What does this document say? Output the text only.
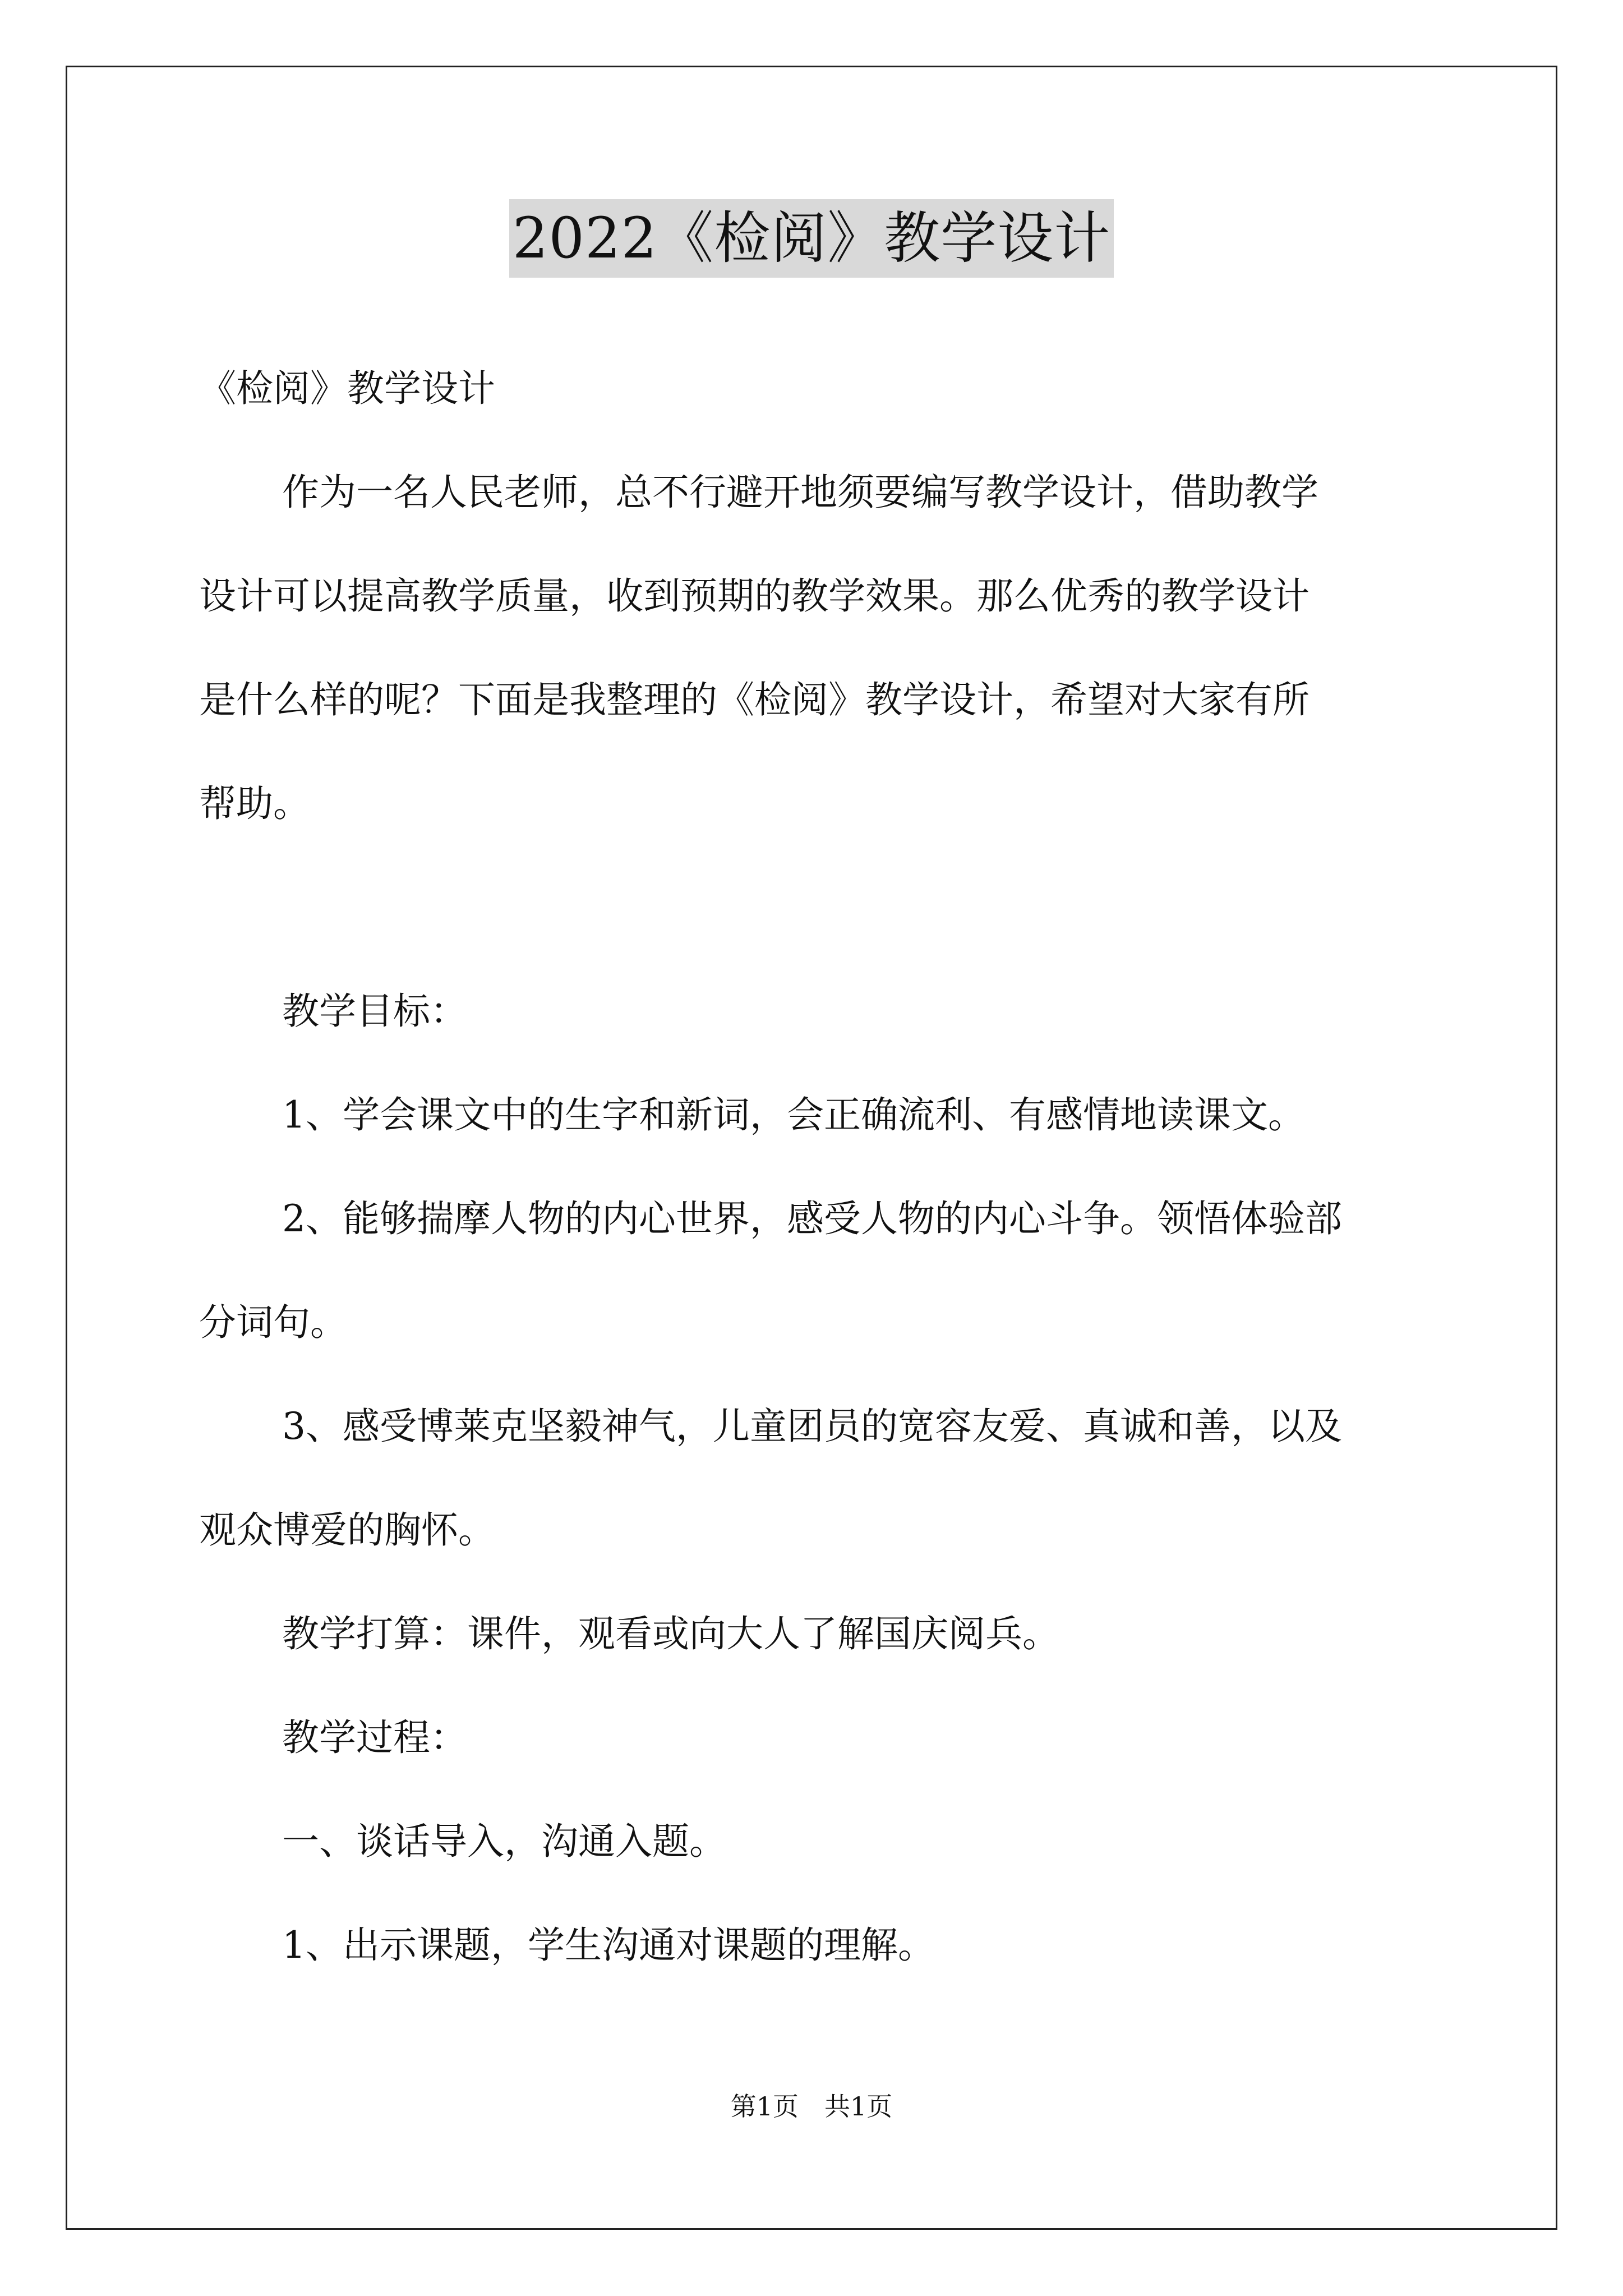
2022《检阅》教学设计
《检阅》教学设计
作为一名人民老师，总不行避开地须要编写教学设计，借助教学
设计可以提高教学质量，收到预期的教学效果。那么优秀的教学设计
是什么样的呢？下面是我整理的《检阅》教学设计，希望对大家有所
帮助。
教学目标：
1、学会课文中的生字和新词，会正确流利、有感情地读课文。
2、能够揣摩人物的内心世界，感受人物的内心斗争。领悟体验部
分词句。
3、感受博莱克坚毅神气，儿童团员的宽容友爱、真诚和善，以及
观众博爱的胸怀。
教学打算：课件，观看或向大人了解国庆阅兵。
教学过程：
一、谈话导入，沟通入题。
1、出示课题，学生沟通对课题的理解。
第1页　共1页
